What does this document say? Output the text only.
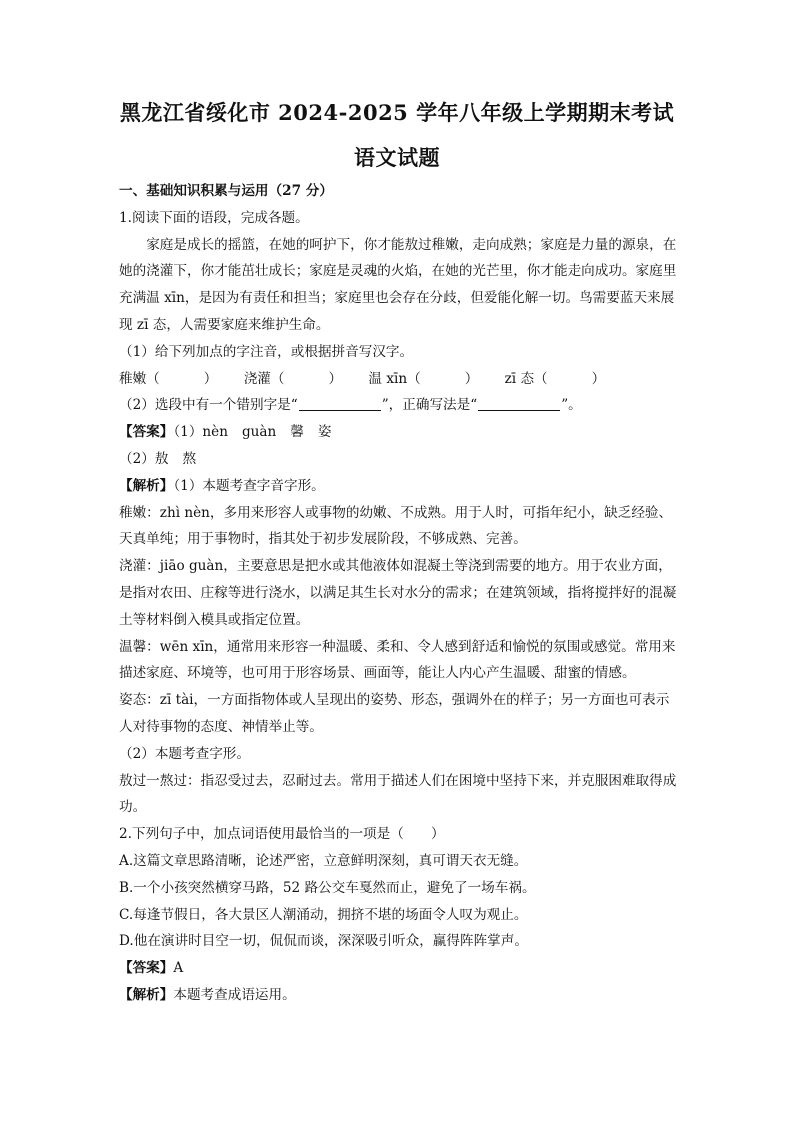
黑龙江省绥化市 2024-2025 学年八年级上学期期末考试
语文试题

一、基础知识积累与运用（27 分）

1.阅读下面的语段，完成各题。

家庭是成长的摇篮，在她的呵护下，你才能敖过稚嫩，走向成熟；家庭是力量的源泉，在她的浇灌下，你才能茁壮成长；家庭是灵魂的火焰，在她的光芒里，你才能走向成功。家庭里充满温 xīn，是因为有责任和担当；家庭里也会存在分歧，但爱能化解一切。鸟需要蓝天来展现 zī 态，人需要家庭来维护生命。

（1）给下列加点的字注音，或根据拼音写汉字。

稚嫩（	） 浇灌（	） 温 xīn（	） zī 态（	）

（2）选段中有一个错别字是“	”，正确写法是“	”。

【答案】（1）nèn guàn 馨 姿

（2）敖 熬

【解析】（1）本题考查字音字形。

稚嫩：zhì nèn，多用来形容人或事物的幼嫩、不成熟。用于人时，可指年纪小，缺乏经验、天真单纯；用于事物时，指其处于初步发展阶段，不够成熟、完善。

浇灌：jiāo guàn，主要意思是把水或其他液体如混凝土等浇到需要的地方。用于农业方面，是指对农田、庄稼等进行浇水，以满足其生长对水分的需求；在建筑领域，指将搅拌好的混凝土等材料倒入模具或指定位置。

温馨：wēn xīn，通常用来形容一种温暖、柔和、令人感到舒适和愉悦的氛围或感觉。常用来描述家庭、环境等，也可用于形容场景、画面等，能让人内心产生温暖、甜蜜的情感。

姿态：zī tài，一方面指物体或人呈现出的姿势、形态，强调外在的样子；另一方面也可表示人对待事物的态度、神情举止等。

（2）本题考查字形。

敖过一熬过：指忍受过去，忍耐过去。常用于描述人们在困境中坚持下来，并克服困难取得成功。

2.下列句子中，加点词语使用最恰当的一项是（　　）

A.这篇文章思路清晰，论述严密，立意鲜明深刻，真可谓天衣无缝。

B.一个小孩突然横穿马路，52 路公交车戛然而止，避免了一场车祸。

C.每逢节假日，各大景区人潮涌动，拥挤不堪的场面令人叹为观止。

D.他在演讲时目空一切，侃侃而谈，深深吸引听众，赢得阵阵掌声。

【答案】A

【解析】本题考查成语运用。
